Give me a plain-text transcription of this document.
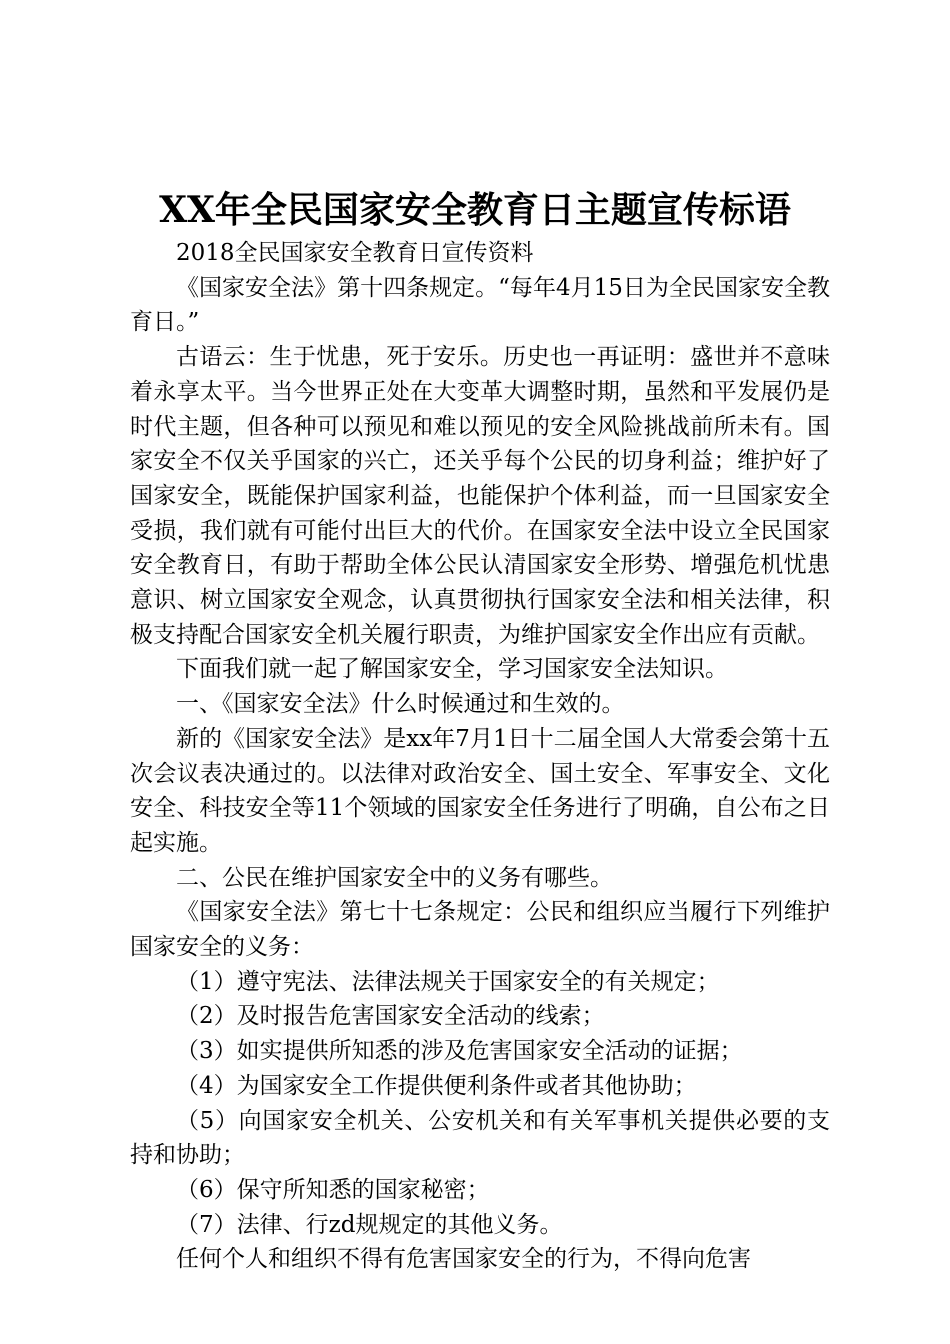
XX年全民国家安全教育日主题宣传标语

2018全民国家安全教育日宣传资料

《国家安全法》第十四条规定。“每年4月15日为全民国家安全教育日。”

古语云：生于忧患，死于安乐。历史也一再证明：盛世并不意味着永享太平。当今世界正处在大变革大调整时期，虽然和平发展仍是时代主题，但各种可以预见和难以预见的安全风险挑战前所未有。国家安全不仅关乎国家的兴亡，还关乎每个公民的切身利益；维护好了国家安全，既能保护国家利益，也能保护个体利益，而一旦国家安全受损，我们就有可能付出巨大的代价。在国家安全法中设立全民国家安全教育日，有助于帮助全体公民认清国家安全形势、增强危机忧患意识、树立国家安全观念，认真贯彻执行国家安全法和相关法律，积极支持配合国家安全机关履行职责，为维护国家安全作出应有贡献。

下面我们就一起了解国家安全，学习国家安全法知识。

一、《国家安全法》什么时候通过和生效的。

新的《国家安全法》是xx年7月1日十二届全国人大常委会第十五次会议表决通过的。以法律对政治安全、国土安全、军事安全、文化安全、科技安全等11个领域的国家安全任务进行了明确，自公布之日起实施。

二、公民在维护国家安全中的义务有哪些。

《国家安全法》第七十七条规定：公民和组织应当履行下列维护国家安全的义务：

（1）遵守宪法、法律法规关于国家安全的有关规定；

（2）及时报告危害国家安全活动的线索；

（3）如实提供所知悉的涉及危害国家安全活动的证据；

（4）为国家安全工作提供便利条件或者其他协助；

（5）向国家安全机关、公安机关和有关军事机关提供必要的支持和协助；

（6）保守所知悉的国家秘密；

（7）法律、行zd规规定的其他义务。

任何个人和组织不得有危害国家安全的行为，不得向危害
